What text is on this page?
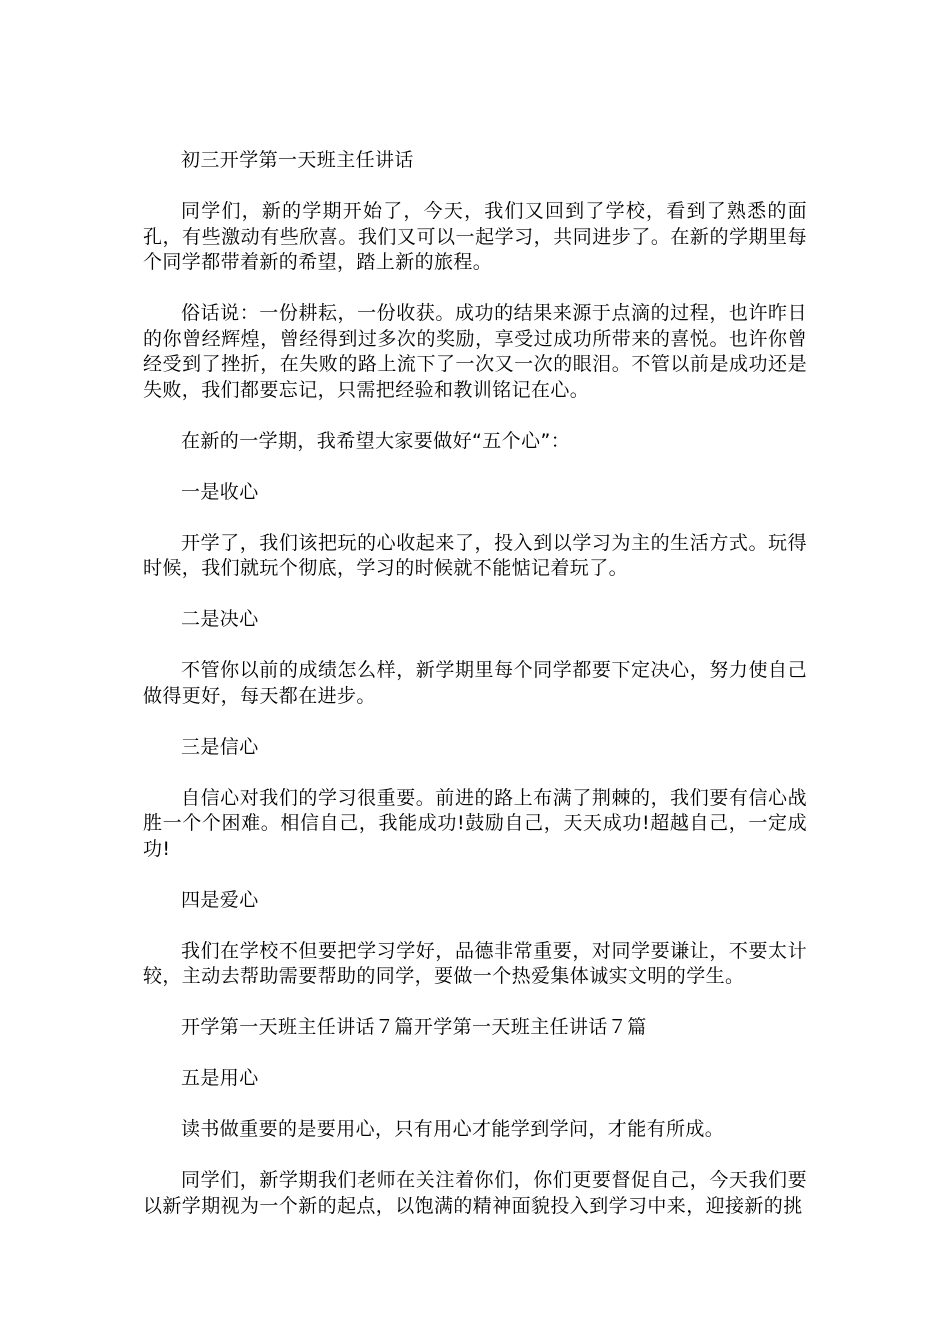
初三开学第一天班主任讲话

同学们，新的学期开始了，今天，我们又回到了学校，看到了熟悉的面孔，有些激动有些欣喜。我们又可以一起学习，共同进步了。在新的学期里每个同学都带着新的希望，踏上新的旅程。

俗话说：一份耕耘，一份收获。成功的结果来源于点滴的过程，也许昨日的你曾经辉煌，曾经得到过多次的奖励，享受过成功所带来的喜悦。也许你曾经受到了挫折，在失败的路上流下了一次又一次的眼泪。不管以前是成功还是失败，我们都要忘记，只需把经验和教训铭记在心。

在新的一学期，我希望大家要做好“五个心”：

一是收心

开学了，我们该把玩的心收起来了，投入到以学习为主的生活方式。玩得时候，我们就玩个彻底，学习的时候就不能惦记着玩了。

二是决心

不管你以前的成绩怎么样，新学期里每个同学都要下定决心，努力使自己做得更好，每天都在进步。

三是信心

自信心对我们的学习很重要。前进的路上布满了荆棘的，我们要有信心战胜一个个困难。相信自己，我能成功!鼓励自己，天天成功!超越自己，一定成功!

四是爱心

我们在学校不但要把学习学好，品德非常重要，对同学要谦让，不要太计较，主动去帮助需要帮助的同学，要做一个热爱集体诚实文明的学生。

开学第一天班主任讲话７篇开学第一天班主任讲话７篇

五是用心

读书做重要的是要用心，只有用心才能学到学问，才能有所成。

同学们，新学期我们老师在关注着你们，你们更要督促自己，今天我们要以新学期视为一个新的起点，以饱满的精神面貌投入到学习中来，迎接新的挑
